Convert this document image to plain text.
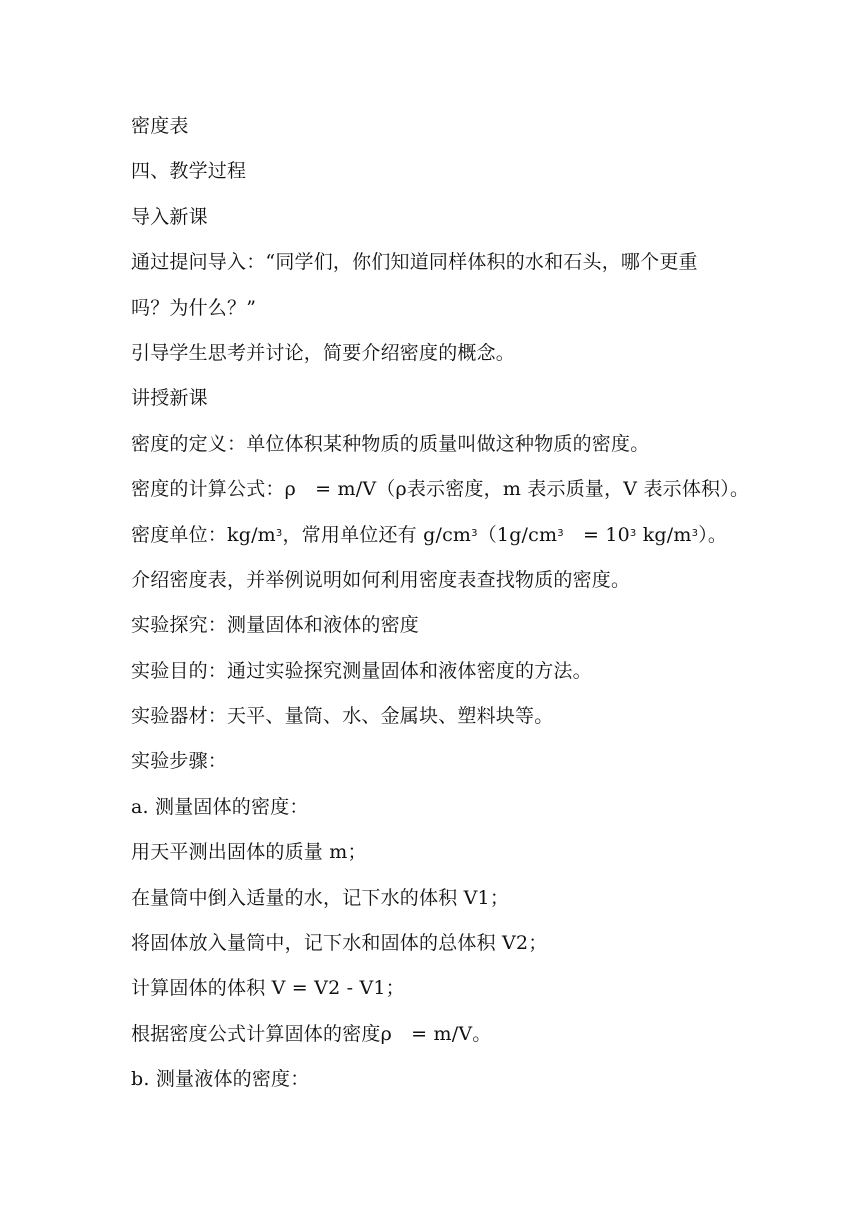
密度表
四、教学过程
导入新课
通过提问导入：“同学们，你们知道同样体积的水和石头，哪个更重
吗？为什么？”
引导学生思考并讨论，简要介绍密度的概念。
讲授新课
密度的定义：单位体积某种物质的质量叫做这种物质的密度。
密度的计算公式：ρ　= m/V（ρ表示密度，m 表示质量，V 表示体积）。
密度单位：$kg/m^3$，常用单位还有 $g/cm^3(1g/cm^3$　= $10^3$ $kg/m^3$）。
介绍密度表，并举例说明如何利用密度表查找物质的密度。
实验探究：测量固体和液体的密度
实验目的：通过实验探究测量固体和液体密度的方法。
实验器材：天平、量筒、水、金属块、塑料块等。
实验步骤：
a. 测量固体的密度：
用天平测出固体的质量 m；
在量筒中倒入适量的水，记下水的体积 V1；
将固体放入量筒中，记下水和固体的总体积 V2；
计算固体的体积 V = V2 - V1；
根据密度公式计算固体的密度ρ　= m/V。
b. 测量液体的密度：
